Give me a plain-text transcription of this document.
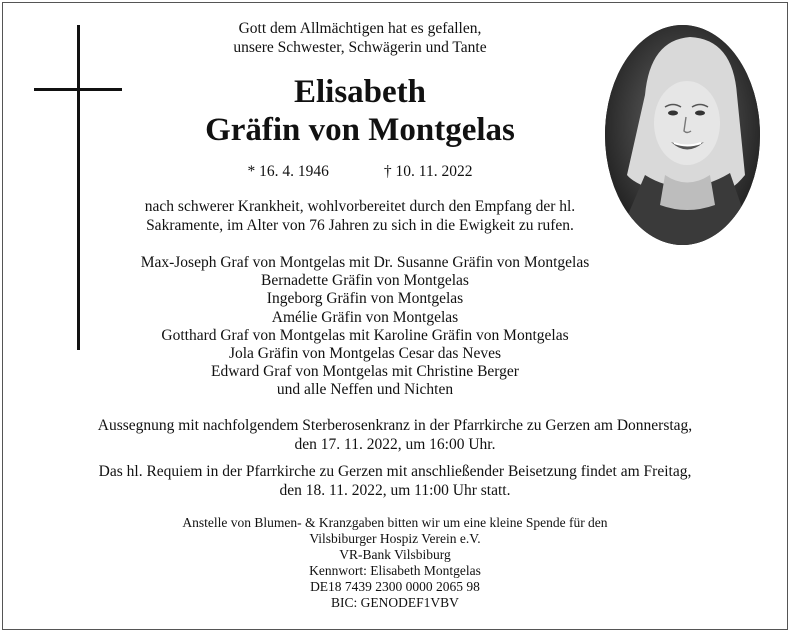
Gott dem Allmächtigen hat es gefallen,
unsere Schwester, Schwägerin und Tante
Elisabeth
Gräfin von Montgelas
* 16. 4. 1946	† 10. 11. 2022
nach schwerer Krankheit, wohlvorbereitet durch den Empfang der hl.
Sakramente, im Alter von 76 Jahren zu sich in die Ewigkeit zu rufen.
Max-Joseph Graf von Montgelas mit Dr. Susanne Gräfin von Montgelas
Bernadette Gräfin von Montgelas
Ingeborg Gräfin von Montgelas
Amélie Gräfin von Montgelas
Gotthard Graf von Montgelas mit Karoline Gräfin von Montgelas
Jola Gräfin von Montgelas Cesar das Neves
Edward Graf von Montgelas mit Christine Berger
und alle Neffen und Nichten
Aussegnung mit nachfolgendem Sterberosenkranz in der Pfarrkirche zu Gerzen am Donnerstag,
den 17. 11. 2022, um 16:00 Uhr.
Das hl. Requiem in der Pfarrkirche zu Gerzen mit anschließender Beisetzung findet am Freitag,
den 18. 11. 2022, um 11:00 Uhr statt.
Anstelle von Blumen- & Kranzgaben bitten wir um eine kleine Spende für den
Vilsbiburger Hospiz Verein e.V.
VR-Bank Vilsbiburg
Kennwort: Elisabeth Montgelas
DE18 7439 2300 0000 2065 98
BIC: GENODEF1VBV
